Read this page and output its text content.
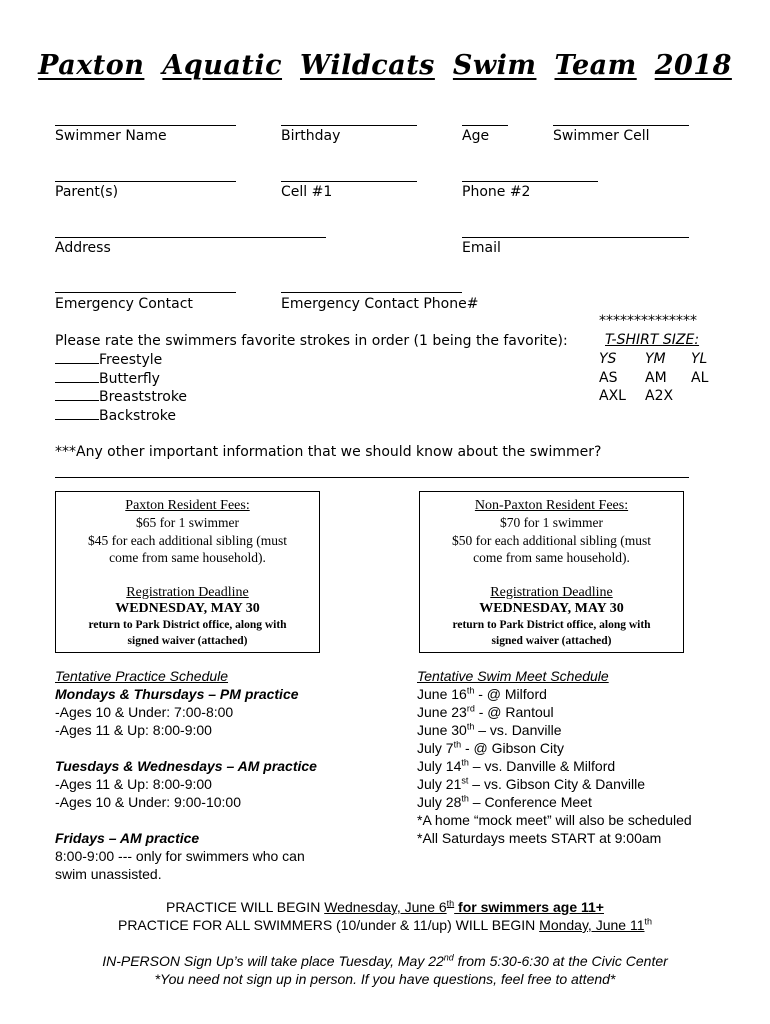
Paxton Aquatic Wildcats Swim Team 2018
Swimmer Name	Birthday	Age	Swimmer Cell
Parent(s)	Cell #1	Phone #2
Address	Email
Emergency Contact	Emergency Contact Phone#
Please rate the swimmers favorite strokes in order (1 being the favorite):
Freestyle
Butterfly
Breaststroke
Backstroke
**************
T-SHIRT SIZE:
YS YM YL
AS AM AL
AXL A2X
***Any other important information that we should know about the swimmer?
Paxton Resident Fees:
$65 for 1 swimmer
$45 for each additional sibling (must
come from same household).
Registration Deadline
WEDNESDAY, MAY 30
return to Park District office, along with
signed waiver (attached)
Non-Paxton Resident Fees:
$70 for 1 swimmer
$50 for each additional sibling (must
come from same household).
Registration Deadline
WEDNESDAY, MAY 30
return to Park District office, along with
signed waiver (attached)
Tentative Practice Schedule
Mondays & Thursdays – PM practice
-Ages 10 & Under: 7:00-8:00
-Ages 11 & Up: 8:00-9:00
Tuesdays & Wednesdays – AM practice
-Ages 11 & Up: 8:00-9:00
-Ages 10 & Under: 9:00-10:00
Fridays – AM practice
8:00-9:00 --- only for swimmers who can
swim unassisted.
Tentative Swim Meet Schedule
June 16th - @ Milford
June 23rd - @ Rantoul
June 30th – vs. Danville
July 7th - @ Gibson City
July 14th – vs. Danville & Milford
July 21st – vs. Gibson City & Danville
July 28th – Conference Meet
*A home “mock meet” will also be scheduled
*All Saturdays meets START at 9:00am
PRACTICE WILL BEGIN Wednesday, June 6th for swimmers age 11+
PRACTICE FOR ALL SWIMMERS (10/under & 11/up) WILL BEGIN Monday, June 11th
IN-PERSON Sign Up’s will take place Tuesday, May 22nd from 5:30-6:30 at the Civic Center
*You need not sign up in person. If you have questions, feel free to attend*
